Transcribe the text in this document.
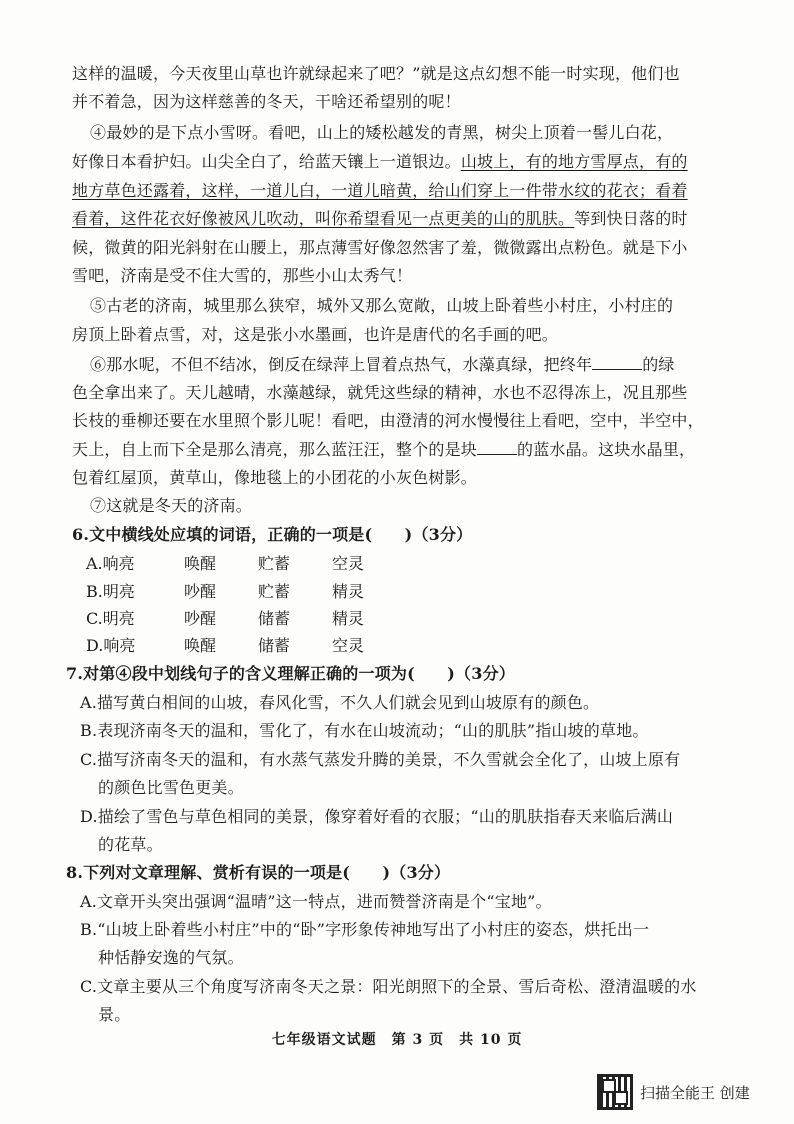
这样的温暖，今天夜里山草也许就绿起来了吧？”就是这点幻想不能一时实现，他们也
并不着急，因为这样慈善的冬天，干啥还希望别的呢！
④最妙的是下点小雪呀。看吧，山上的矮松越发的青黑，树尖上顶着一髻儿白花，
好像日本看护妇。山尖全白了，给蓝天镶上一道银边。山坡上，有的地方雪厚点，有的
地方草色还露着，这样，一道儿白，一道儿暗黄，给山们穿上一件带水纹的花衣；看着
看着，这件花衣好像被风儿吹动，叫你希望看见一点更美的山的肌肤。等到快日落的时
候，微黄的阳光斜射在山腰上，那点薄雪好像忽然害了羞，微微露出点粉色。就是下小
雪吧，济南是受不住大雪的，那些小山太秀气！
⑤古老的济南，城里那么狭窄，城外又那么宽敞，山坡上卧着些小村庄，小村庄的
房顶上卧着点雪，对，这是张小水墨画，也许是唐代的名手画的吧。
⑥那水呢，不但不结冰，倒反在绿萍上冒着点热气，水藻真绿，把终年	的绿
色全拿出来了。天儿越晴，水藻越绿，就凭这些绿的精神，水也不忍得冻上，况且那些
长枝的垂柳还要在水里照个影儿呢！看吧，由澄清的河水慢慢往上看吧，空中，半空中，
天上，自上而下全是那么清亮，那么蓝汪汪，整个的是块	的蓝水晶。这块水晶里，
包着红屋顶，黄草山，像地毯上的小团花的小灰色树影。
⑦这就是冬天的济南。
6.文中横线处应填的词语，正确的一项是(　　)（3分）
A.响亮	唤醒	贮蓄	空灵
B.明亮	吵醒	贮蓄	精灵
C.明亮	吵醒	储蓄	精灵
D.响亮	唤醒	储蓄	空灵
7.对第④段中划线句子的含义理解正确的一项为(　　)（3分）
A.描写黄白相间的山坡，春风化雪，不久人们就会见到山坡原有的颜色。
B.表现济南冬天的温和，雪化了，有水在山坡流动；“山的肌肤”指山坡的草地。
C.描写济南冬天的温和，有水蒸气蒸发升腾的美景，不久雪就会全化了，山坡上原有
的颜色比雪色更美。
D.描绘了雪色与草色相同的美景，像穿着好看的衣服；“山的肌肤指春天来临后满山
的花草。
8.下列对文章理解、赏析有误的一项是(　　)（3分）
A.文章开头突出强调“温晴”这一特点，进而赞誉济南是个“宝地”。
B.“山坡上卧着些小村庄”中的“卧”字形象传神地写出了小村庄的姿态，烘托出一
种恬静安逸的气氛。
C.文章主要从三个角度写济南冬天之景：阳光朗照下的全景、雪后奇松、澄清温暖的水
景。
七年级语文试题　第 3 页　共 10 页
扫描全能王 创建
